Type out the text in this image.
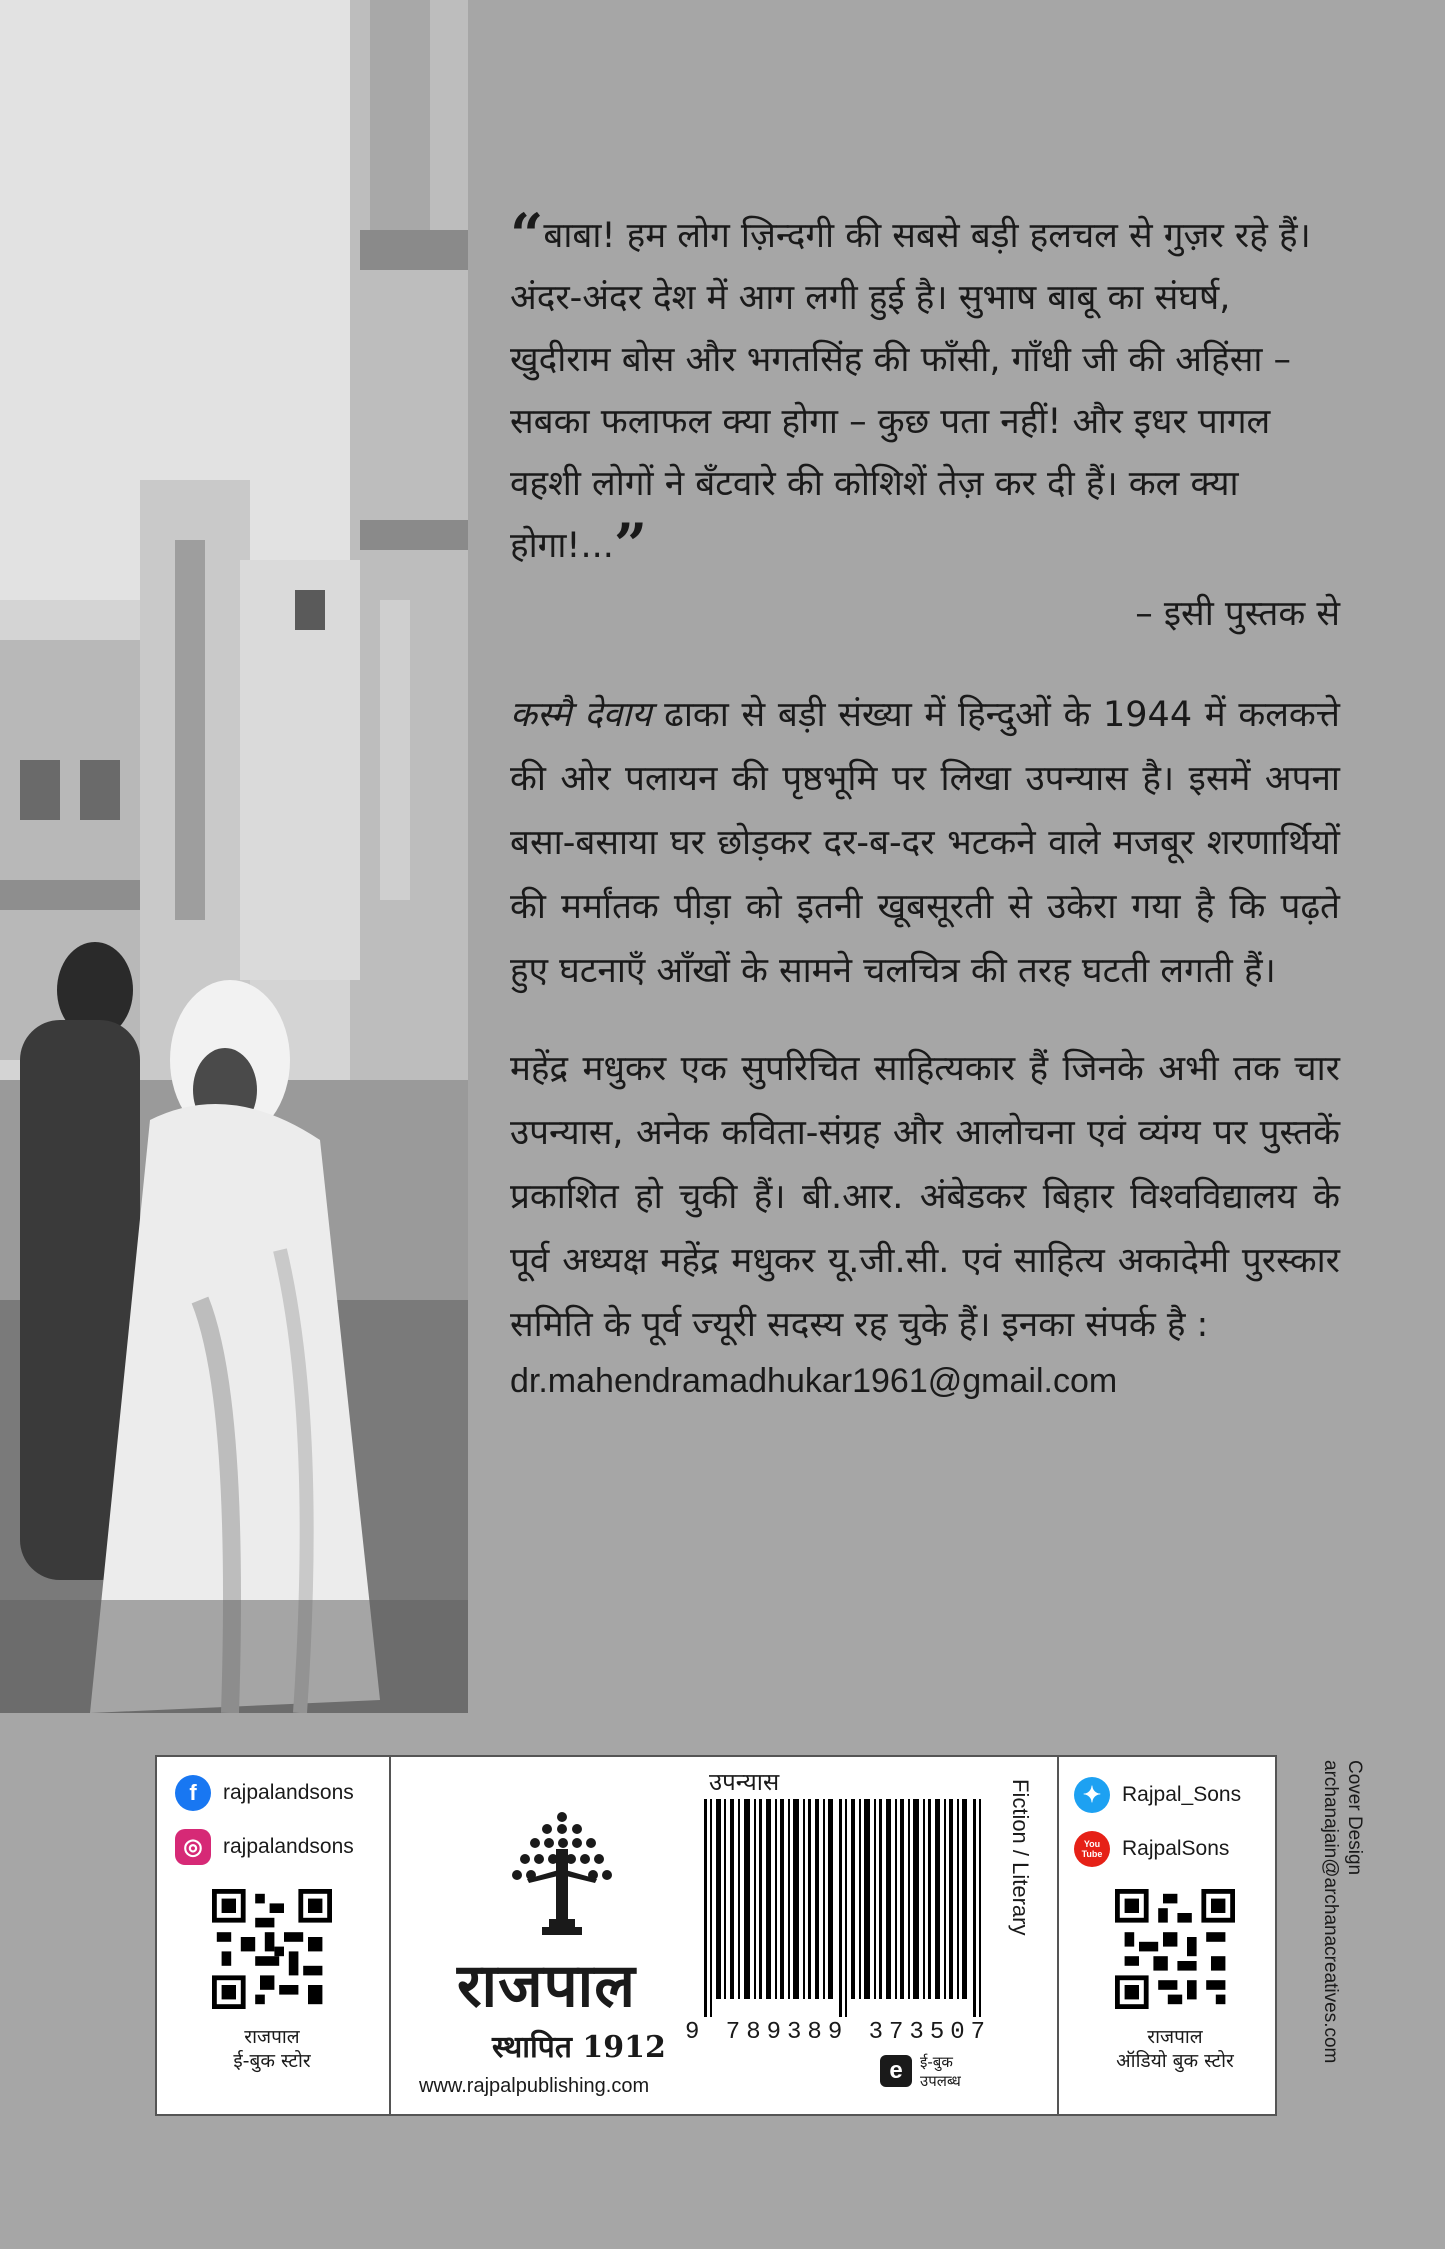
“बाबा! हम लोग ज़िन्दगी की सबसे बड़ी हलचल से गुज़र रहे हैं। अंदर-अंदर देश में आग लगी हुई है। सुभाष बाबू का संघर्ष, खुदीराम बोस और भगतसिंह की फाँसी, गाँधी जी की अहिंसा – सबका फलाफल क्या होगा – कुछ पता नहीं! और इधर पागल वहशी लोगों ने बँटवारे की कोशिशें तेज़ कर दी हैं। कल क्या होगा!...”

– इसी पुस्तक से

कस्मै देवाय ढाका से बड़ी संख्या में हिन्दुओं के 1944 में कलकत्ते की ओर पलायन की पृष्ठभूमि पर लिखा उपन्यास है। इसमें अपना बसा-बसाया घर छोड़कर दर-ब-दर भटकने वाले मजबूर शरणार्थियों की मर्मांतक पीड़ा को इतनी खूबसूरती से उकेरा गया है कि पढ़ते हुए घटनाएँ आँखों के सामने चलचित्र की तरह घटती लगती हैं।

महेंद्र मधुकर एक सुपरिचित साहित्यकार हैं जिनके अभी तक चार उपन्यास, अनेक कविता-संग्रह और आलोचना एवं व्यंग्य पर पुस्तकें प्रकाशित हो चुकी हैं। बी.आर. अंबेडकर बिहार विश्वविद्यालय के पूर्व अध्यक्ष महेंद्र मधुकर यू.जी.सी. एवं साहित्य अकादेमी पुरस्कार समिति के पूर्व ज्यूरी सदस्य रह चुके हैं। इनका संपर्क है :

dr.mahendramadhukar1961@gmail.com
f	rajpalandsons
◎ rajpalandsons
राजपाल
ई-बुक स्टोर
राजपाल
स्थापित 1912
www.rajpalpublishing.com
उपन्यास
9 789389 373507
e	ई-बुक
उपलब्ध
Fiction / Literary	✦ Rajpal_Sons
You
Tube RajpalSons
राजपाल
ऑडियो बुक स्टोर
Cover Design
archanajain@archanacreatives.com
